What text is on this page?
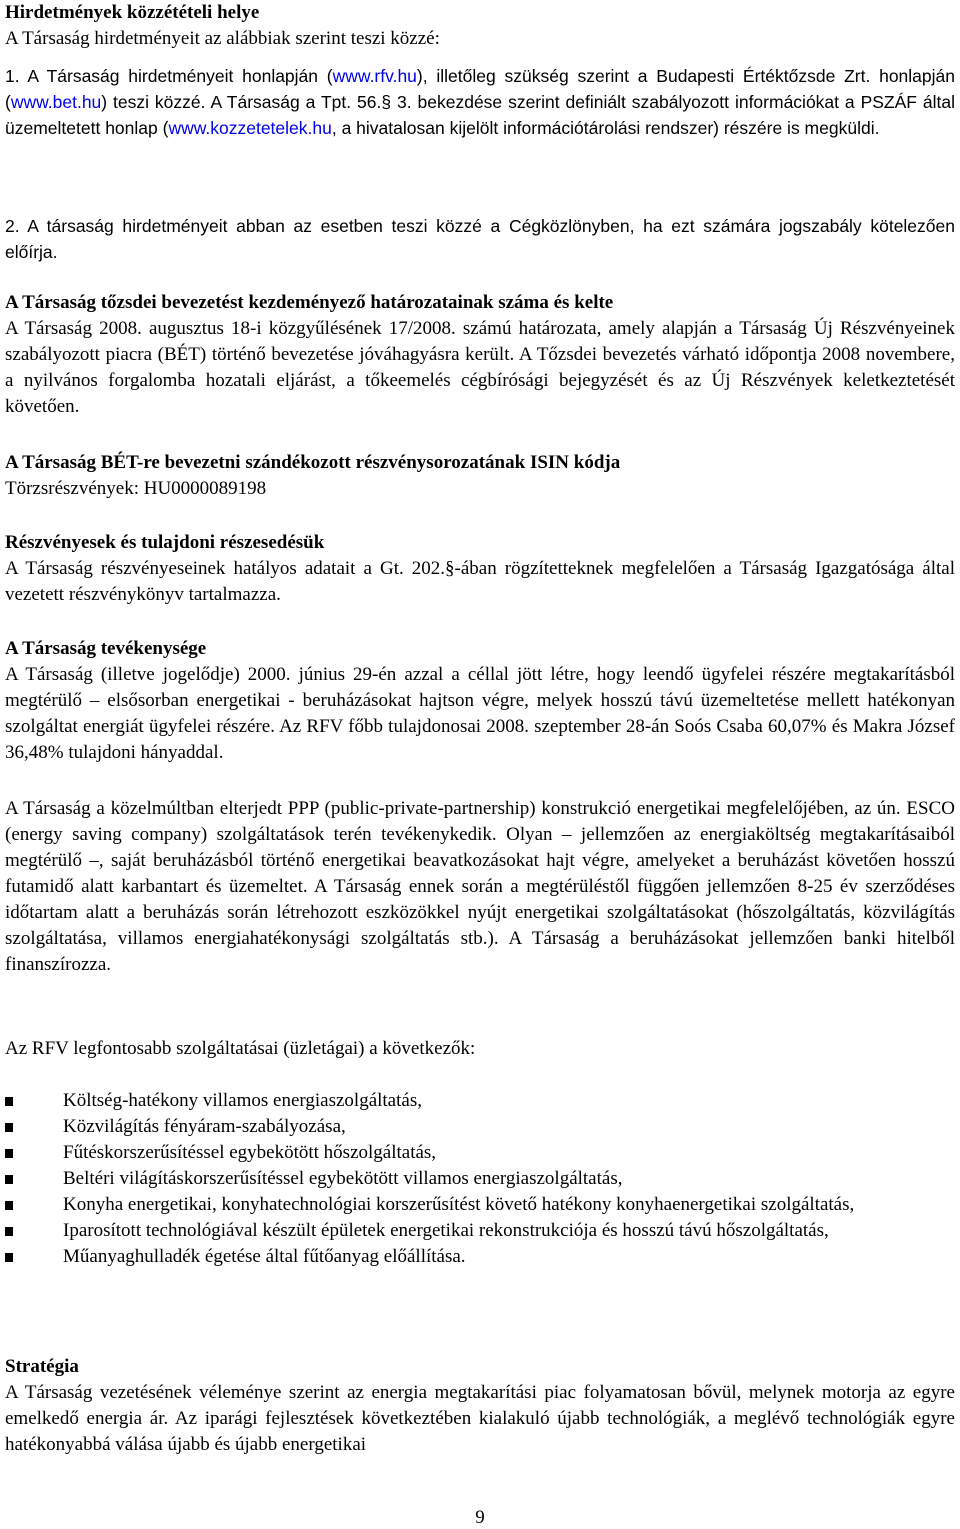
Hirdetmények közzétételi helye

A Társaság hirdetményeit az alábbiak szerint teszi közzé:

1. A Társaság hirdetményeit honlapján (www.rfv.hu), illetőleg szükség szerint a Budapesti Értéktőzsde Zrt. honlapján (www.bet.hu) teszi közzé. A Társaság a Tpt. 56.§ 3. bekezdése szerint definiált szabályozott információkat a PSZÁF által üzemeltetett honlap (www.kozzetetelek.hu, a hivatalosan kijelölt információtárolási rendszer) részére is megküldi.

2. A társaság hirdetményeit abban az esetben teszi közzé a Cégközlönyben, ha ezt számára jogszabály kötelezően előírja.

A Társaság tőzsdei bevezetést kezdeményező határozatainak száma és kelte

A Társaság 2008. augusztus 18-i közgyűlésének 17/2008. számú határozata, amely alapján a Társaság Új Részvényeinek szabályozott piacra (BÉT) történő bevezetése jóváhagyásra került. A Tőzsdei bevezetés várható időpontja 2008 novembere, a nyilvános forgalomba hozatali eljárást, a tőkeemelés cégbírósági bejegyzését és az Új Részvények keletkeztetését követően.

A Társaság BÉT-re bevezetni szándékozott részvénysorozatának ISIN kódja

Törzsrészvények: HU0000089198

Részvényesek és tulajdoni részesedésük

A Társaság részvényeseinek hatályos adatait a Gt. 202.§-ában rögzítetteknek megfelelően a Társaság Igazgatósága által vezetett részvénykönyv tartalmazza.

A Társaság tevékenysége

A Társaság (illetve jogelődje) 2000. június 29-én azzal a céllal jött létre, hogy leendő ügyfelei részére megtakarításból megtérülő – elsősorban energetikai - beruházásokat hajtson végre, melyek hosszú távú üzemeltetése mellett hatékonyan szolgáltat energiát ügyfelei részére. Az RFV főbb tulajdonosai 2008. szeptember 28-án Soós Csaba 60,07% és Makra József 36,48% tulajdoni hányaddal.

A Társaság a közelmúltban elterjedt PPP (public-private-partnership) konstrukció energetikai megfelelőjében, az ún. ESCO (energy saving company) szolgáltatások terén tevékenykedik. Olyan – jellemzően az energiaköltség megtakarításaiból megtérülő –, saját beruházásból történő energetikai beavatkozásokat hajt végre, amelyeket a beruházást követően hosszú futamidő alatt karbantart és üzemeltet. A Társaság ennek során a megtérüléstől függően jellemzően 8-25 év szerződéses időtartam alatt a beruházás során létrehozott eszközökkel nyújt energetikai szolgáltatásokat (hőszolgáltatás, közvilágítás szolgáltatása, villamos energiahatékonysági szolgáltatás stb.). A Társaság a beruházásokat jellemzően banki hitelből finanszírozza.

Az RFV legfontosabb szolgáltatásai (üzletágai) a következők:

Költség-hatékony villamos energiaszolgáltatás,
Közvilágítás fényáram-szabályozása,
Fűtéskorszerűsítéssel egybekötött hőszolgáltatás,
Beltéri világításkorszerűsítéssel egybekötött villamos energiaszolgáltatás,
Konyha energetikai, konyhatechnológiai korszerűsítést követő hatékony konyhaenergetikai szolgáltatás,
Iparosított technológiával készült épületek energetikai rekonstrukciója és hosszú távú hőszolgáltatás,
Műanyaghulladék égetése által fűtőanyag előállítása.
Stratégia

A Társaság vezetésének véleménye szerint az energia megtakarítási piac folyamatosan bővül, melynek motorja az egyre emelkedő energia ár. Az iparági fejlesztések következtében kialakuló újabb technológiák, a meglévő technológiák egyre hatékonyabbá válása újabb és újabb energetikai

9
